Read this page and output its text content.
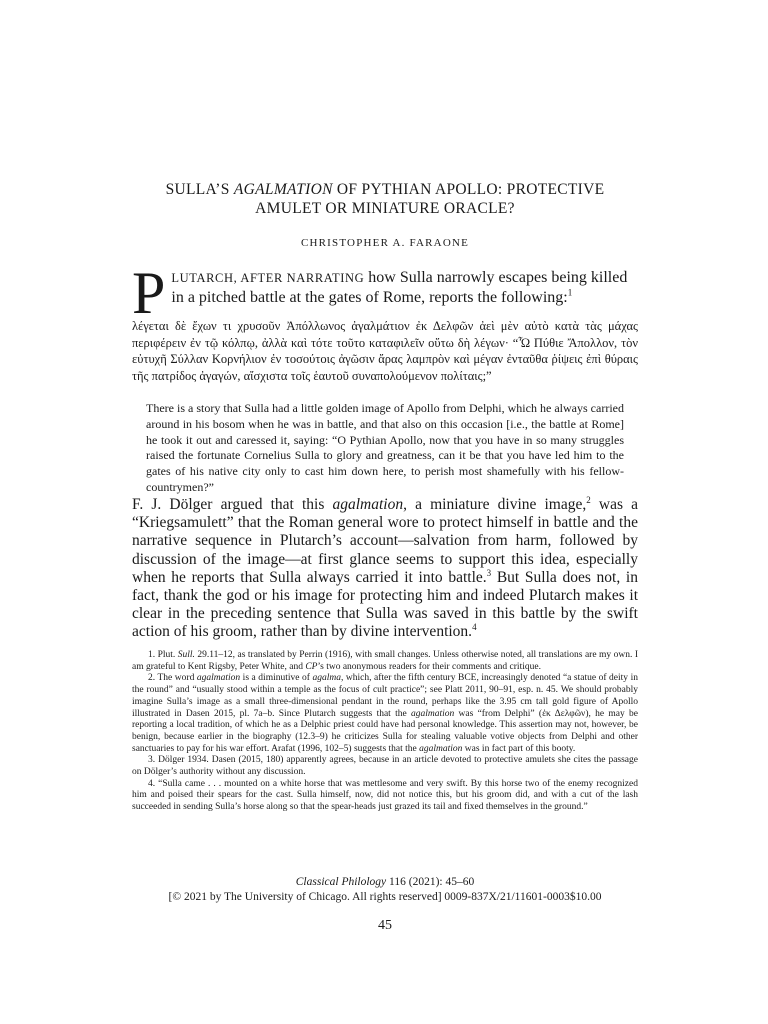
SULLA’S AGALMATION OF PYTHIAN APOLLO: PROTECTIVE
AMULET OR MINIATURE ORACLE?
CHRISTOPHER A. FARAONE
P LUTARCH, AFTER NARRATING how Sulla narrowly escapes being killed in a pitched battle at the gates of Rome, reports the following:$^1$
λέγεται δὲ ἔχων τι χρυσοῦν Ἀπόλλωνος ἀγαλμάτιον ἐκ Δελφῶν ἀεὶ μὲν αὐτὸ κατὰ τὰς μάχας περιφέρειν ἐν τῷ κόλπῳ, ἀλλὰ καὶ τότε τοῦτο καταφιλεῖν οὕτω δὴ λέγων· “Ὦ Πύθιε Ἄπολλον, τὸν εὐτυχῆ Σύλλαν Κορνήλιον ἐν τοσούτοις ἀγῶσιν ἄρας λαμπρὸν καὶ μέγαν ἐνταῦθα ῥίψεις ἐπὶ θύραις τῆς πατρίδος ἀγαγών, αἴσχιστα τοῖς ἑαυτοῦ συναπολούμενον πολίταις;”
There is a story that Sulla had a little golden image of Apollo from Delphi, which he always carried around in his bosom when he was in battle, and that also on this occasion [i.e., the battle at Rome] he took it out and caressed it, saying: “O Pythian Apollo, now that you have in so many struggles raised the fortunate Cornelius Sulla to glory and greatness, can it be that you have led him to the gates of his native city only to cast him down here, to perish most shamefully with his fellow-countrymen?”
F. J. Dölger argued that this agalmation, a miniature divine image,$^2$ was a “Kriegsamulett” that the Roman general wore to protect himself in battle and the narrative sequence in Plutarch’s account—salvation from harm, followed by discussion of the image—at first glance seems to support this idea, especially when he reports that Sulla always carried it into battle.$^3$ But Sulla does not, in fact, thank the god or his image for protecting him and indeed Plutarch makes it clear in the preceding sentence that Sulla was saved in this battle by the swift action of his groom, rather than by divine intervention.$^4$

1. Plut. Sull. 29.11–12, as translated by Perrin (1916), with small changes. Unless otherwise noted, all translations are my own. I am grateful to Kent Rigsby, Peter White, and CP’s two anonymous readers for their comments and critique.

2. The word agalmation is a diminutive of agalma, which, after the fifth century BCE, increasingly denoted “a statue of deity in the round” and “usually stood within a temple as the focus of cult practice”; see Platt 2011, 90–91, esp. n. 45. We should probably imagine Sulla’s image as a small three-dimensional pendant in the round, perhaps like the 3.95 cm tall gold figure of Apollo illustrated in Dasen 2015, pl. 7a–b. Since Plutarch suggests that the agalmation was “from Delphi” (ἐκ Δελφῶν), he may be reporting a local tradition, of which he as a Delphic priest could have had personal knowledge. This assertion may not, however, be benign, because earlier in the biography (12.3–9) he criticizes Sulla for stealing valuable votive objects from Delphi and other sanctuaries to pay for his war effort. Arafat (1996, 102–5) suggests that the agalmation was in fact part of this booty.

3. Dölger 1934. Dasen (2015, 180) apparently agrees, because in an article devoted to protective amulets she cites the passage on Dölger’s authority without any discussion.

4. “Sulla came . . . mounted on a white horse that was mettlesome and very swift. By this horse two of the enemy recognized him and poised their spears for the cast. Sulla himself, now, did not notice this, but his groom did, and with a cut of the lash succeeded in sending Sulla’s horse along so that the spear-heads just grazed its tail and fixed themselves in the ground.”

Classical Philology 116 (2021): 45–60
[© 2021 by The University of Chicago. All rights reserved] 0009-837X/21/11601-0003$10.00
45
